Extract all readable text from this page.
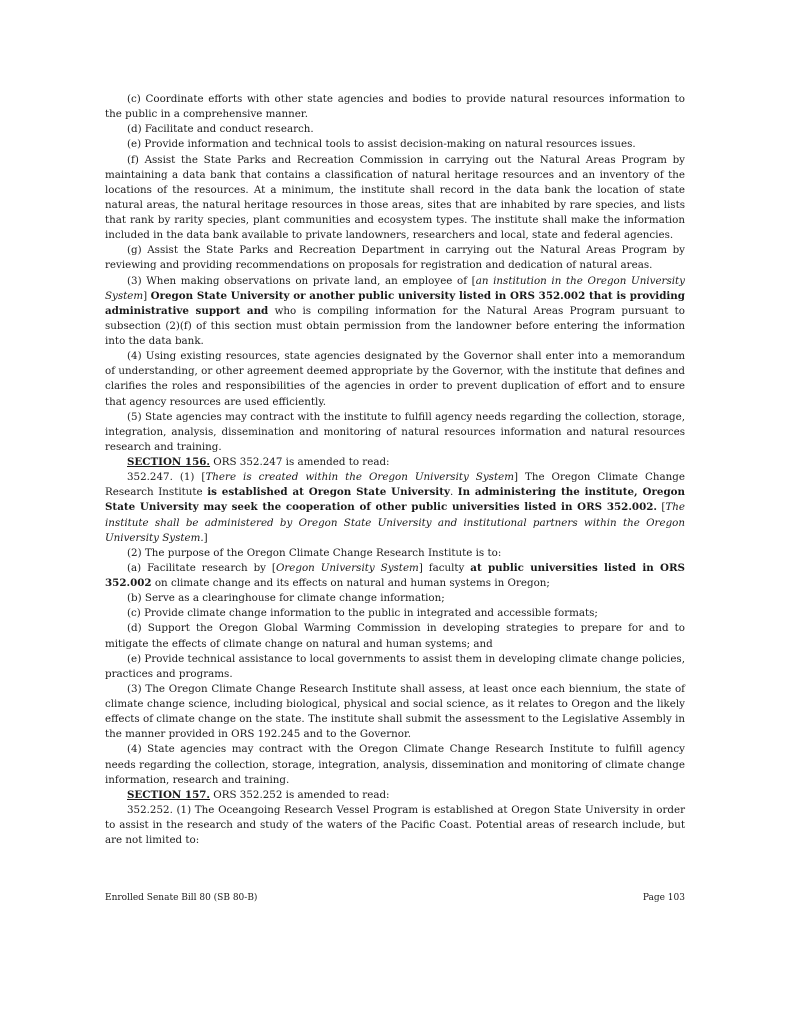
(c) Coordinate efforts with other state agencies and bodies to provide natural resources information to the public in a comprehensive manner.

(d) Facilitate and conduct research.

(e) Provide information and technical tools to assist decision-making on natural resources issues.

(f) Assist the State Parks and Recreation Commission in carrying out the Natural Areas Program by maintaining a data bank that contains a classification of natural heritage resources and an inventory of the locations of the resources. At a minimum, the institute shall record in the data bank the location of state natural areas, the natural heritage resources in those areas, sites that are inhabited by rare species, and lists that rank by rarity species, plant communities and ecosystem types. The institute shall make the information included in the data bank available to private landowners, researchers and local, state and federal agencies.

(g) Assist the State Parks and Recreation Department in carrying out the Natural Areas Program by reviewing and providing recommendations on proposals for registration and dedication of natural areas.

(3) When making observations on private land, an employee of [an institution in the Oregon University System] Oregon State University or another public university listed in ORS 352.002 that is providing administrative support and who is compiling information for the Natural Areas Program pursuant to subsection (2)(f) of this section must obtain permission from the landowner before entering the information into the data bank.

(4) Using existing resources, state agencies designated by the Governor shall enter into a memorandum of understanding, or other agreement deemed appropriate by the Governor, with the institute that defines and clarifies the roles and responsibilities of the agencies in order to prevent duplication of effort and to ensure that agency resources are used efficiently.

(5) State agencies may contract with the institute to fulfill agency needs regarding the collection, storage, integration, analysis, dissemination and monitoring of natural resources information and natural resources research and training.

SECTION 156. ORS 352.247 is amended to read:

352.247. (1) [There is created within the Oregon University System] The Oregon Climate Change Research Institute is established at Oregon State University. In administering the institute, Oregon State University may seek the cooperation of other public universities listed in ORS 352.002. [The institute shall be administered by Oregon State University and institutional partners within the Oregon University System.]

(2) The purpose of the Oregon Climate Change Research Institute is to:

(a) Facilitate research by [Oregon University System] faculty at public universities listed in ORS 352.002 on climate change and its effects on natural and human systems in Oregon;

(b) Serve as a clearinghouse for climate change information;

(c) Provide climate change information to the public in integrated and accessible formats;

(d) Support the Oregon Global Warming Commission in developing strategies to prepare for and to mitigate the effects of climate change on natural and human systems; and

(e) Provide technical assistance to local governments to assist them in developing climate change policies, practices and programs.

(3) The Oregon Climate Change Research Institute shall assess, at least once each biennium, the state of climate change science, including biological, physical and social science, as it relates to Oregon and the likely effects of climate change on the state. The institute shall submit the assessment to the Legislative Assembly in the manner provided in ORS 192.245 and to the Governor.

(4) State agencies may contract with the Oregon Climate Change Research Institute to fulfill agency needs regarding the collection, storage, integration, analysis, dissemination and monitoring of climate change information, research and training.

SECTION 157. ORS 352.252 is amended to read:

352.252. (1) The Oceangoing Research Vessel Program is established at Oregon State University in order to assist in the research and study of the waters of the Pacific Coast. Potential areas of research include, but are not limited to:

Enrolled Senate Bill 80 (SB 80-B)	Page 103
